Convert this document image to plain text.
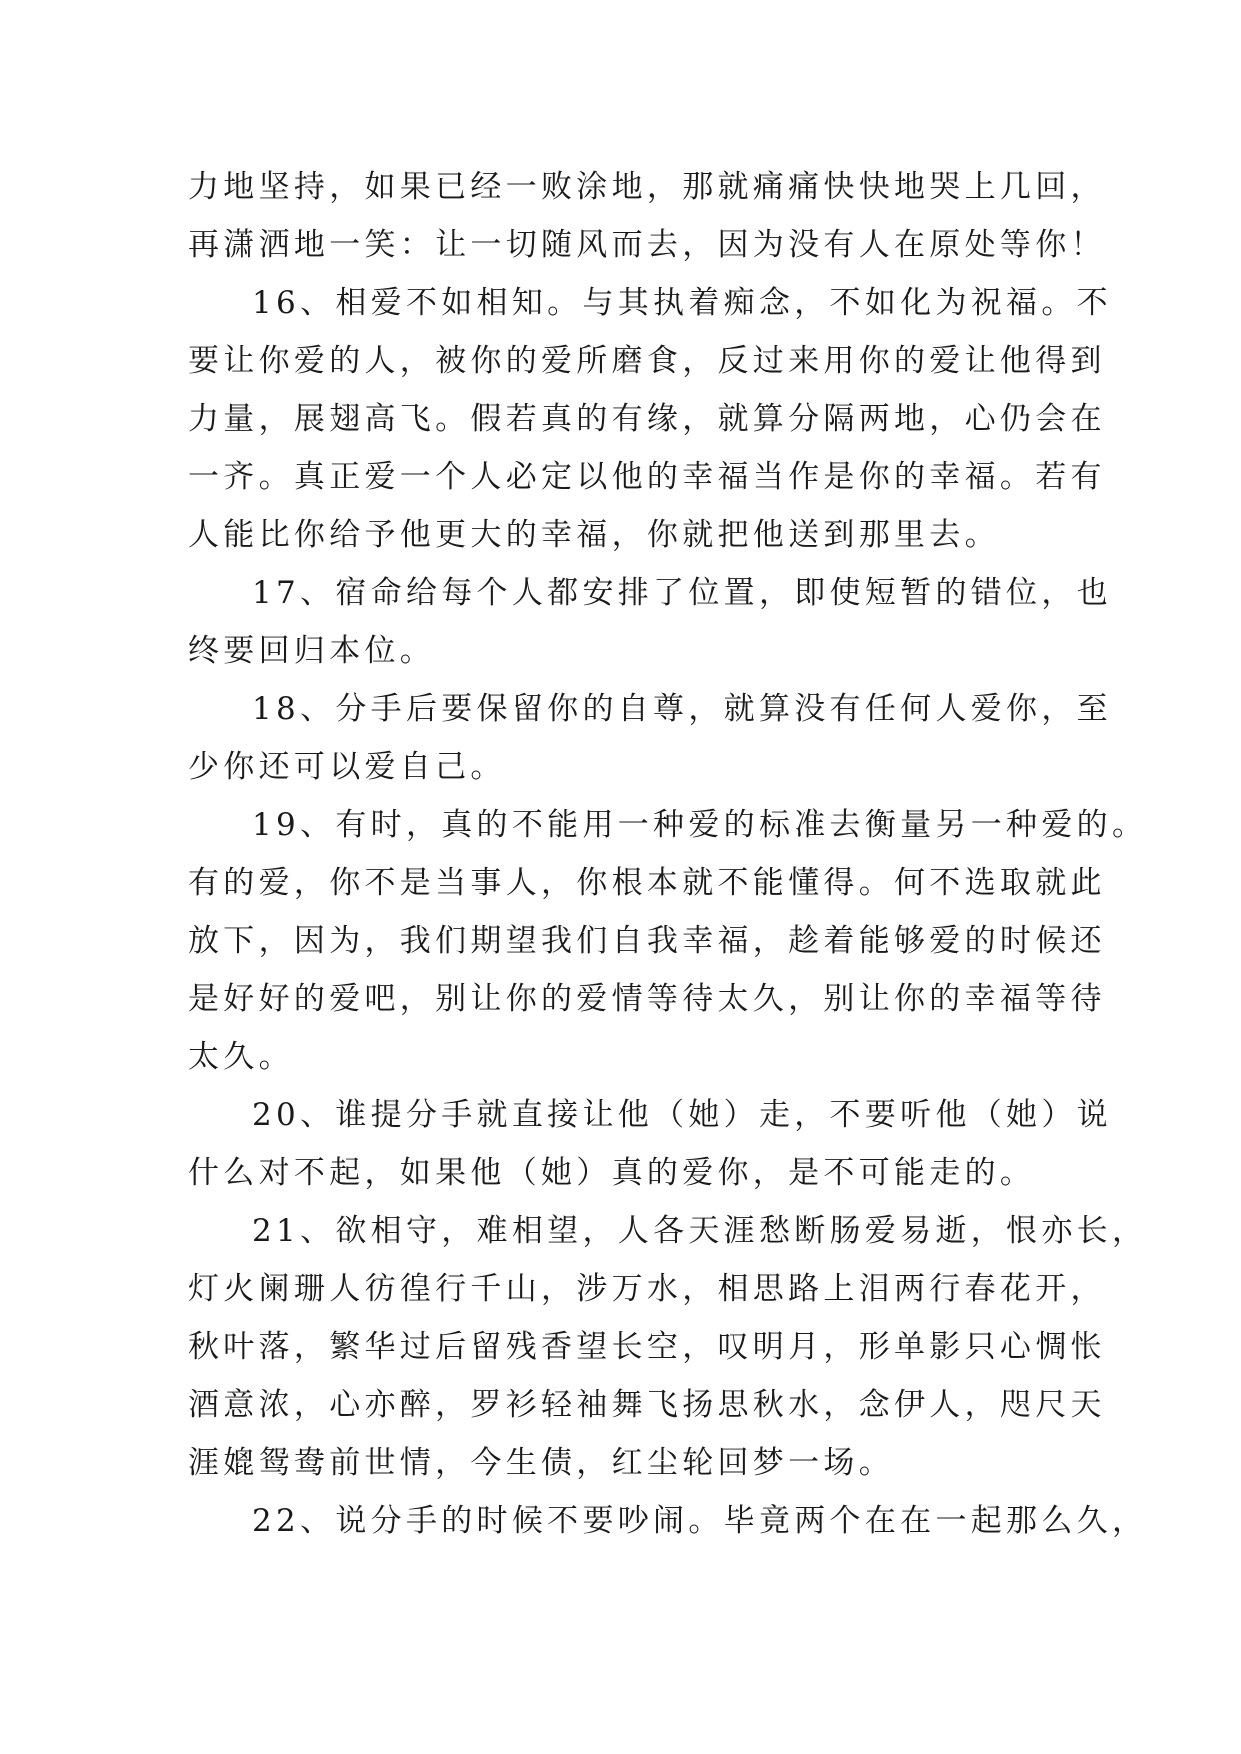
力地坚持，如果已经一败涂地，那就痛痛快快地哭上几回，
再潇洒地一笑：让一切随风而去，因为没有人在原处等你！
16、相爱不如相知。与其执着痴念，不如化为祝福。不
要让你爱的人，被你的爱所磨食，反过来用你的爱让他得到
力量，展翅高飞。假若真的有缘，就算分隔两地，心仍会在
一齐。真正爱一个人必定以他的幸福当作是你的幸福。若有
人能比你给予他更大的幸福，你就把他送到那里去。
17、宿命给每个人都安排了位置，即使短暂的错位，也
终要回归本位。
18、分手后要保留你的自尊，就算没有任何人爱你，至
少你还可以爱自己。
19、有时，真的不能用一种爱的标准去衡量另一种爱的。
有的爱，你不是当事人，你根本就不能懂得。何不选取就此
放下，因为，我们期望我们自我幸福，趁着能够爱的时候还
是好好的爱吧，别让你的爱情等待太久，别让你的幸福等待
太久。
20、谁提分手就直接让他（她）走，不要听他（她）说
什么对不起，如果他（她）真的爱你，是不可能走的。
21、欲相守，难相望，人各天涯愁断肠爱易逝，恨亦长，
灯火阑珊人彷徨行千山，涉万水，相思路上泪两行春花开，
秋叶落，繁华过后留残香望长空，叹明月，形单影只心惆怅
酒意浓，心亦醉，罗衫轻袖舞飞扬思秋水，念伊人，咫尺天
涯媲鸳鸯前世情，今生债，红尘轮回梦一场。
22、说分手的时候不要吵闹。毕竟两个在在一起那么久，
